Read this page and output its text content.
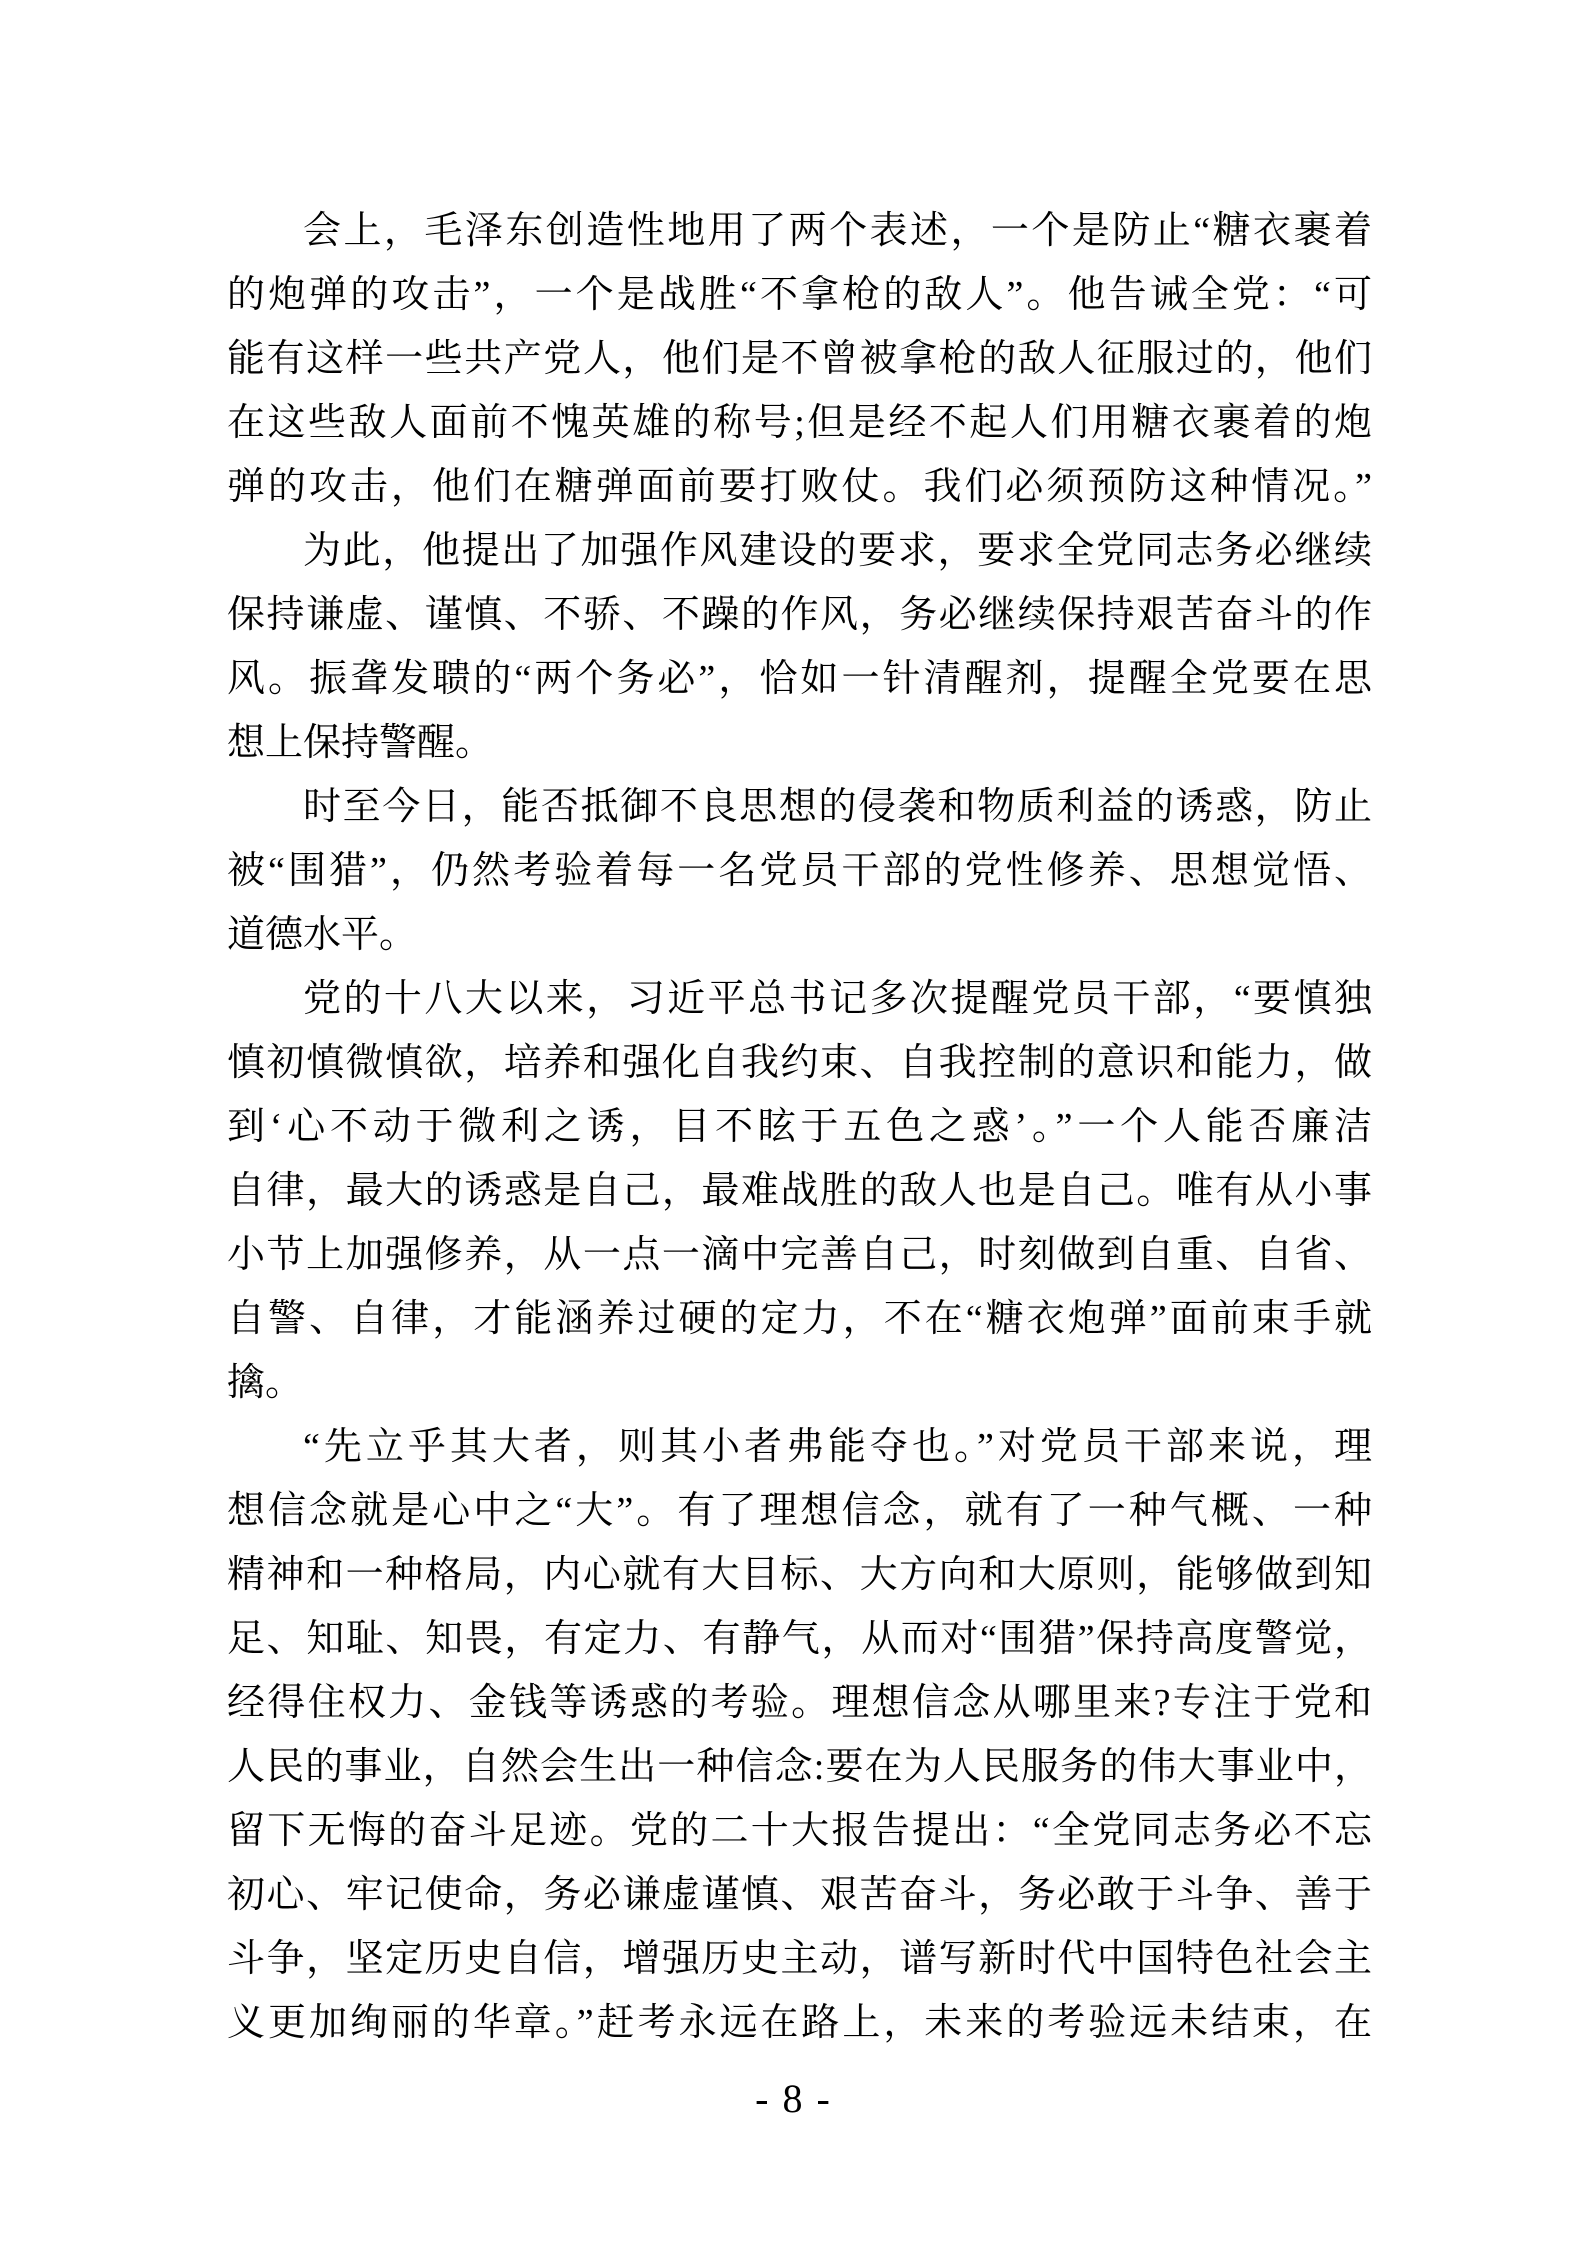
会上，毛泽东创造性地用了两个表述，一个是防止“糖衣裹着
的炮弹的攻击”，一个是战胜“不拿枪的敌人”。他告诫全党：“可
能有这样一些共产党人，他们是不曾被拿枪的敌人征服过的，他们
在这些敌人面前不愧英雄的称号;但是经不起人们用糖衣裹着的炮
弹的攻击，他们在糖弹面前要打败仗。我们必须预防这种情况。”
为此，他提出了加强作风建设的要求，要求全党同志务必继续
保持谦虚、谨慎、不骄、不躁的作风，务必继续保持艰苦奋斗的作
风。振聋发聩的“两个务必”，恰如一针清醒剂，提醒全党要在思
想上保持警醒。
时至今日，能否抵御不良思想的侵袭和物质利益的诱惑，防止
被“围猎”，仍然考验着每一名党员干部的党性修养、思想觉悟、
道德水平。
党的十八大以来，习近平总书记多次提醒党员干部，“要慎独
慎初慎微慎欲，培养和强化自我约束、自我控制的意识和能力，做
到‘心不动于微利之诱，目不眩于五色之惑’。”一个人能否廉洁
自律，最大的诱惑是自己，最难战胜的敌人也是自己。唯有从小事
小节上加强修养，从一点一滴中完善自己，时刻做到自重、自省、
自警、自律，才能涵养过硬的定力，不在“糖衣炮弹”面前束手就
擒。
“先立乎其大者，则其小者弗能夺也。”对党员干部来说，理
想信念就是心中之“大”。有了理想信念，就有了一种气概、一种
精神和一种格局，内心就有大目标、大方向和大原则，能够做到知
足、知耻、知畏，有定力、有静气，从而对“围猎”保持高度警觉，
经得住权力、金钱等诱惑的考验。理想信念从哪里来?专注于党和
人民的事业，自然会生出一种信念:要在为人民服务的伟大事业中，
留下无悔的奋斗足迹。党的二十大报告提出：“全党同志务必不忘
初心、牢记使命，务必谦虚谨慎、艰苦奋斗，务必敢于斗争、善于
斗争，坚定历史自信，增强历史主动，谱写新时代中国特色社会主
义更加绚丽的华章。”赶考永远在路上，未来的考验远未结束，在
- 8 -
